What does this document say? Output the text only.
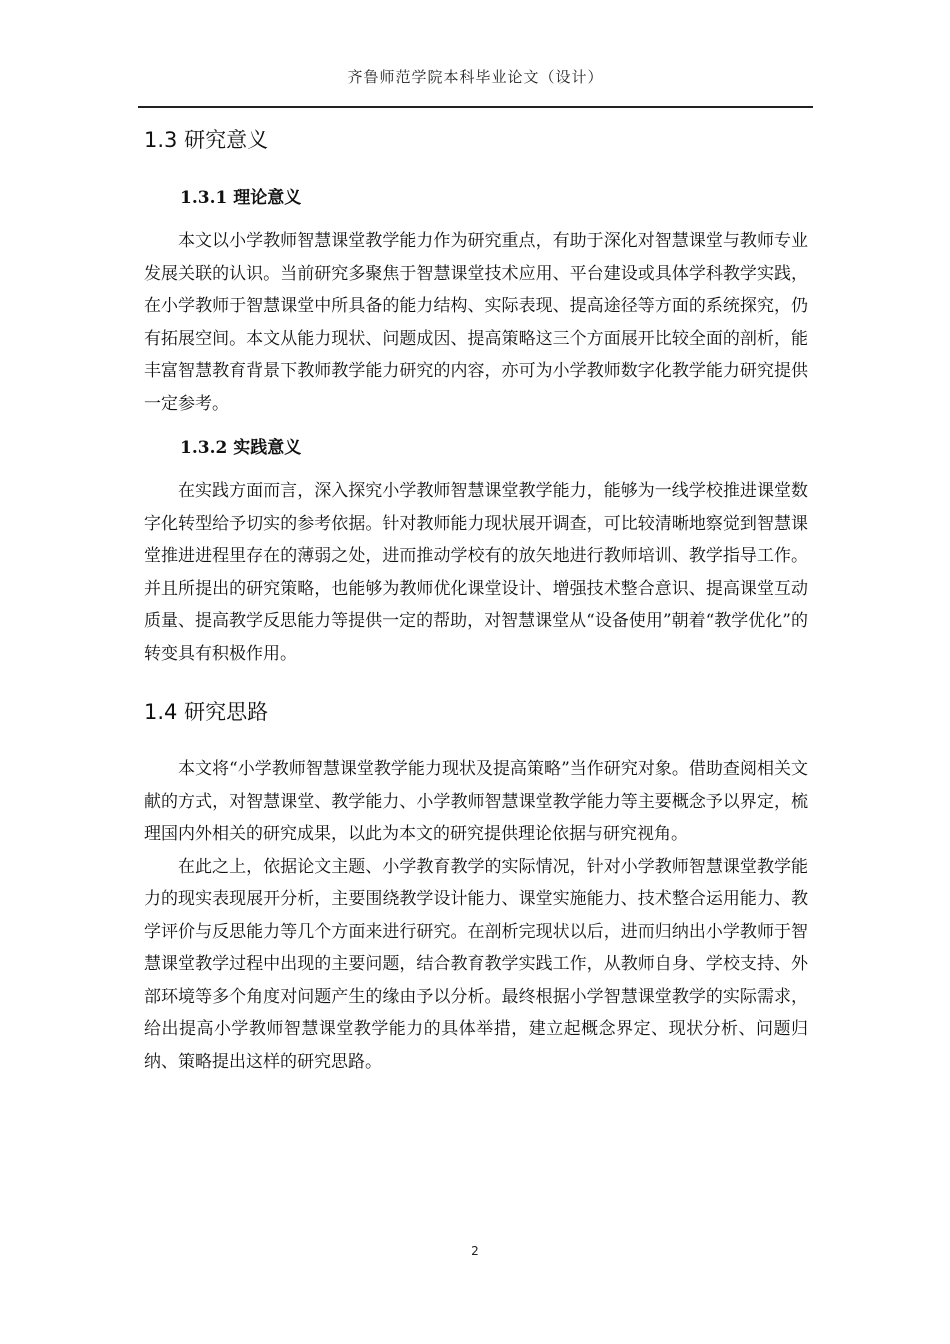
齐鲁师范学院本科毕业论文（设计）
1.3 研究意义
1.3.1 理论意义

本文以小学教师智慧课堂教学能力作为研究重点，有助于深化对智慧课堂与教师专业发展关联的认识。当前研究多聚焦于智慧课堂技术应用、平台建设或具体学科教学实践，在小学教师于智慧课堂中所具备的能力结构、实际表现、提高途径等方面的系统探究，仍有拓展空间。本文从能力现状、问题成因、提高策略这三个方面展开比较全面的剖析，能丰富智慧教育背景下教师教学能力研究的内容，亦可为小学教师数字化教学能力研究提供一定参考。

1.3.2 实践意义

在实践方面而言，深入探究小学教师智慧课堂教学能力，能够为一线学校推进课堂数字化转型给予切实的参考依据。针对教师能力现状展开调查，可比较清晰地察觉到智慧课堂推进进程里存在的薄弱之处，进而推动学校有的放矢地进行教师培训、教学指导工作。并且所提出的研究策略，也能够为教师优化课堂设计、增强技术整合意识、提高课堂互动质量、提高教学反思能力等提供一定的帮助，对智慧课堂从“设备使用”朝着“教学优化”的转变具有积极作用。

1.4 研究思路

本文将“小学教师智慧课堂教学能力现状及提高策略”当作研究对象。借助查阅相关文献的方式，对智慧课堂、教学能力、小学教师智慧课堂教学能力等主要概念予以界定，梳理国内外相关的研究成果，以此为本文的研究提供理论依据与研究视角。

在此之上，依据论文主题、小学教育教学的实际情况，针对小学教师智慧课堂教学能力的现实表现展开分析，主要围绕教学设计能力、课堂实施能力、技术整合运用能力、教学评价与反思能力等几个方面来进行研究。在剖析完现状以后，进而归纳出小学教师于智慧课堂教学过程中出现的主要问题，结合教育教学实践工作，从教师自身、学校支持、外部环境等多个角度对问题产生的缘由予以分析。最终根据小学智慧课堂教学的实际需求，给出提高小学教师智慧课堂教学能力的具体举措，建立起概念界定、现状分析、问题归纳、策略提出这样的研究思路。

2
